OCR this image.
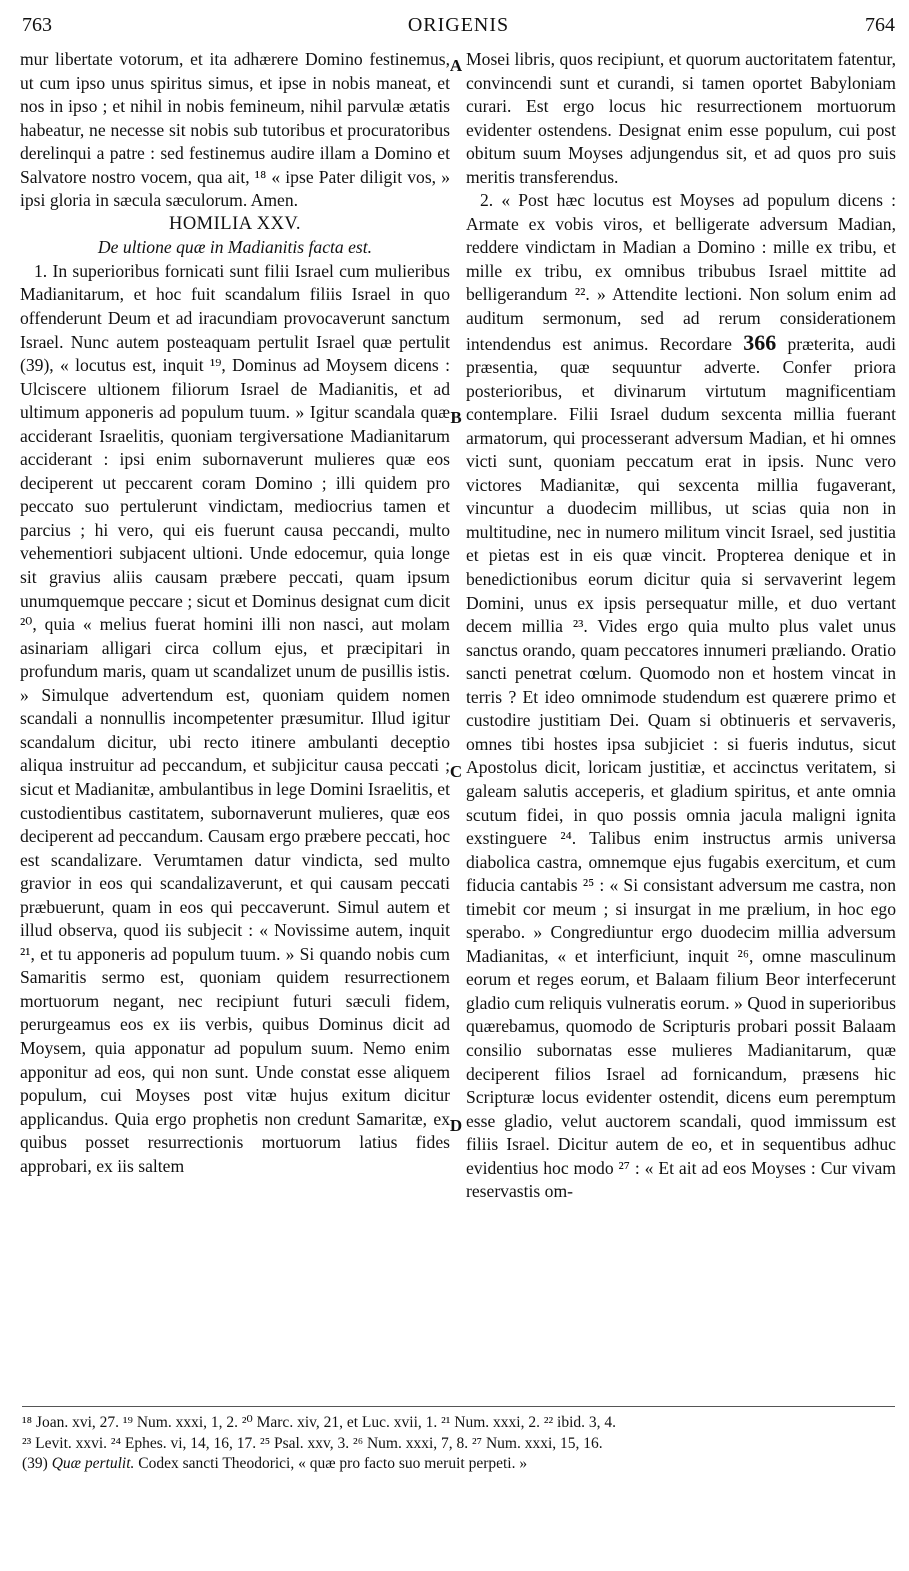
763	ORIGENIS	764

mur libertate votorum, et ita adhærere Domino festinemus, ut cum ipso unus spiritus simus, et ipse in nobis maneat, et nos in ipso ; et nihil in nobis femineum, nihil parvulæ ætatis habeatur, ne necesse sit nobis sub tutoribus et procuratoribus derelinqui a patre : sed festinemus audire illam a Domino et Salvatore nostro vocem, qua ait, ¹⁸ « ipse Pater diligit vos, » ipsi gloria in sæcula sæculorum. Amen.

HOMILIA XXV.
De ultione quæ in Madianitis facta est.

1. In superioribus fornicati sunt filii Israel cum mulieribus Madianitarum, et hoc fuit scandalum filiis Israel in quo offenderunt Deum et ad iracundiam provocaverunt sanctum Israel. Nunc autem posteaquam pertulit Israel quæ pertulit (39), « locutus est, inquit ¹⁹, Dominus ad Moysem dicens : Ulciscere ultionem filiorum Israel de Madianitis, et ad ultimum apponeris ad populum tuum. » Igitur scandala quæ acciderant Israelitis, quoniam tergiversatione Madianitarum acciderant : ipsi enim subornaverunt mulieres quæ eos deciperent ut peccarent coram Domino ; illi quidem pro peccato suo pertulerunt vindictam, mediocrius tamen et parcius ; hi vero, qui eis fuerunt causa peccandi, multo vehementiori subjacent ultioni. Unde edocemur, quia longe sit gravius aliis causam præbere peccati, quam ipsum unumquemque peccare ; sicut et Dominus designat cum dicit ²⁰, quia « melius fuerat homini illi non nasci, aut molam asinariam alligari circa collum ejus, et præcipitari in profundum maris, quam ut scandalizet unum de pusillis istis. » Simulque advertendum est, quoniam quidem nomen scandali a nonnullis incompetenter præsumitur. Illud igitur scandalum dicitur, ubi recto itinere ambulanti deceptio aliqua instruitur ad peccandum, et subjicitur causa peccati ; sicut et Madianitæ, ambulantibus in lege Domini Israelitis, et custodientibus castitatem, subornaverunt mulieres, quæ eos deciperent ad peccandum. Causam ergo præbere peccati, hoc est scandalizare. Verumtamen datur vindicta, sed multo gravior in eos qui scandalizaverunt, et qui causam peccati præbuerunt, quam in eos qui peccaverunt. Simul autem et illud observa, quod iis subjecit : « Novissime autem, inquit ²¹, et tu apponeris ad populum tuum. » Si quando nobis cum Samaritis sermo est, quoniam quidem resurrectionem mortuorum negant, nec recipiunt futuri sæculi fidem, perurgeamus eos ex iis verbis, quibus Dominus dicit ad Moysem, quia apponatur ad populum suum. Nemo enim apponitur ad eos, qui non sunt. Unde constat esse aliquem populum, cui Moyses post vitæ hujus exitum dicitur applicandus. Quia ergo prophetis non credunt Samaritæ, ex quibus posset resurrectionis mortuorum latius fides approbari, ex iis saltem

A
B
C
D

Mosei libris, quos recipiunt, et quorum auctoritatem fatentur, convincendi sunt et curandi, si tamen oportet Babyloniam curari. Est ergo locus hic resurrectionem mortuorum evidenter ostendens. Designat enim esse populum, cui post obitum suum Moyses adjungendus sit, et ad quos pro suis meritis transferendus.

2. « Post hæc locutus est Moyses ad populum dicens : Armate ex vobis viros, et belligerate adversum Madian, reddere vindictam in Madian a Domino : mille ex tribu, et mille ex tribu, ex omnibus tribubus Israel mittite ad belligerandum ²². » Attendite lectioni. Non solum enim ad auditum sermonum, sed ad rerum considerationem intendendus est animus. Recordare 366 præterita, audi præsentia, quæ sequuntur adverte. Confer priora posterioribus, et divinarum virtutum magnificentiam contemplare. Filii Israel dudum sexcenta millia fuerant armatorum, qui processerant adversum Madian, et hi omnes victi sunt, quoniam peccatum erat in ipsis. Nunc vero victores Madianitæ, qui sexcenta millia fugaverant, vincuntur a duodecim millibus, ut scias quia non in multitudine, nec in numero militum vincit Israel, sed justitia et pietas est in eis quæ vincit. Propterea denique et in benedictionibus eorum dicitur quia si servaverint legem Domini, unus ex ipsis persequatur mille, et duo vertant decem millia ²³. Vides ergo quia multo plus valet unus sanctus orando, quam peccatores innumeri præliando. Oratio sancti penetrat cœlum. Quomodo non et hostem vincat in terris ? Et ideo omnimode studendum est quærere primo et custodire justitiam Dei. Quam si obtinueris et servaveris, omnes tibi hostes ipsa subjiciet : si fueris indutus, sicut Apostolus dicit, loricam justitiæ, et accinctus veritatem, si galeam salutis acceperis, et gladium spiritus, et ante omnia scutum fidei, in quo possis omnia jacula maligni ignita exstinguere ²⁴. Talibus enim instructus armis universa diabolica castra, omnemque ejus fugabis exercitum, et cum fiducia cantabis ²⁵ : « Si consistant adversum me castra, non timebit cor meum ; si insurgat in me prælium, in hoc ego sperabo. » Congrediuntur ergo duodecim millia adversum Madianitas, « et interficiunt, inquit ²⁶, omne masculinum eorum et reges eorum, et Balaam filium Beor interfecerunt gladio cum reliquis vulneratis eorum. » Quod in superioribus quærebamus, quomodo de Scripturis probari possit Balaam consilio subornatas esse mulieres Madianitarum, quæ deciperent filios Israel ad fornicandum, præsens hic Scripturæ locus evidenter ostendit, dicens eum peremptum esse gladio, velut auctorem scandali, quod immissum est filiis Israel. Dicitur autem de eo, et in sequentibus adhuc evidentius hoc modo ²⁷ : « Et ait ad eos Moyses : Cur vivam reservastis om-

¹⁸ Joan. xvi, 27. ¹⁹ Num. xxxi, 1, 2. ²⁰ Marc. xiv, 21, et Luc. xvii, 1. ²¹ Num. xxxi, 2. ²² ibid. 3, 4.

²³ Levit. xxvi. ²⁴ Ephes. vi, 14, 16, 17. ²⁵ Psal. xxv, 3. ²⁶ Num. xxxi, 7, 8. ²⁷ Num. xxxi, 15, 16.

(39) Quæ pertulit. Codex sancti Theodorici, « quæ pro facto suo meruit perpeti. »
